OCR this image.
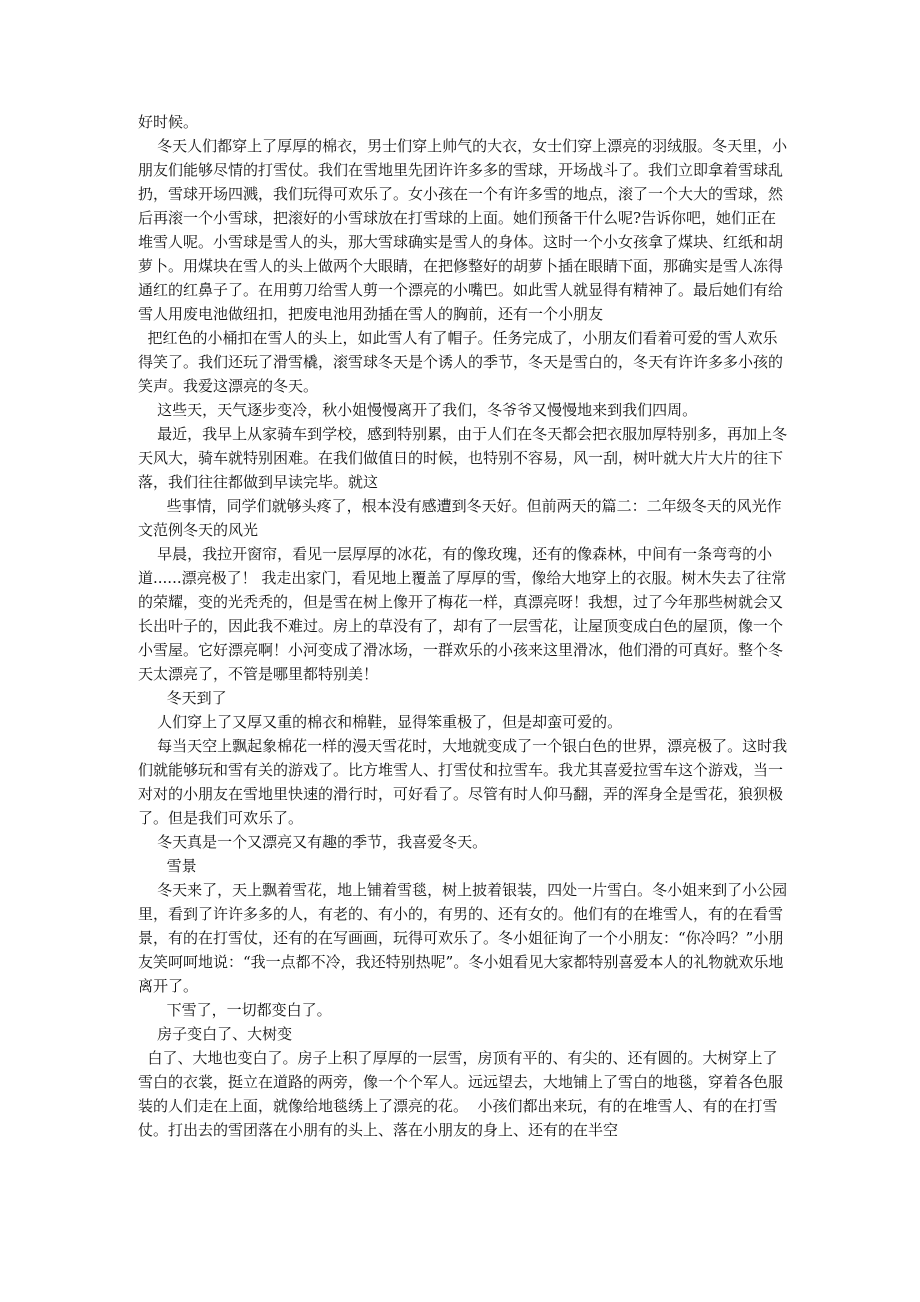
好时候。

冬天人们都穿上了厚厚的棉衣，男士们穿上帅气的大衣，女士们穿上漂亮的羽绒服。冬天里，小朋友们能够尽情的打雪仗。我们在雪地里先团许许多多的雪球，开场战斗了。我们立即拿着雪球乱扔，雪球开场四溅，我们玩得可欢乐了。女小孩在一个有许多雪的地点，滚了一个大大的雪球，然后再滚一个小雪球，把滚好的小雪球放在打雪球的上面。她们预备干什么呢?告诉你吧，她们正在堆雪人呢。小雪球是雪人的头，那大雪球确实是雪人的身体。这时一个小女孩拿了煤块、红纸和胡萝卜。用煤块在雪人的头上做两个大眼睛，在把修整好的胡萝卜插在眼睛下面，那确实是雪人冻得通红的红鼻子了。在用剪刀给雪人剪一个漂亮的小嘴巴。如此雪人就显得有精神了。最后她们有给雪人用废电池做纽扣，把废电池用劲插在雪人的胸前，还有一个小朋友

把红色的小桶扣在雪人的头上，如此雪人有了帽子。任务完成了，小朋友们看着可爱的雪人欢乐得笑了。我们还玩了滑雪橇，滚雪球冬天是个诱人的季节，冬天是雪白的，冬天有许许多多小孩的笑声。我爱这漂亮的冬天。

这些天，天气逐步变冷，秋小姐慢慢离开了我们，冬爷爷又慢慢地来到我们四周。

最近，我早上从家骑车到学校，感到特别累，由于人们在冬天都会把衣服加厚特别多，再加上冬天风大，骑车就特别困难。在我们做值日的时候，也特别不容易，风一刮，树叶就大片大片的往下落，我们往往都做到早读完毕。就这

些事情，同学们就够头疼了，根本没有感遭到冬天好。但前两天的篇二：二年级冬天的风光作文范例冬天的风光

早晨，我拉开窗帘，看见一层厚厚的冰花，有的像玫瑰，还有的像森林，中间有一条弯弯的小道......漂亮极了！ 我走出家门，看见地上覆盖了厚厚的雪，像给大地穿上的衣服。树木失去了往常的荣耀，变的光秃秃的，但是雪在树上像开了梅花一样，真漂亮呀！我想，过了今年那些树就会又长出叶子的，因此我不难过。房上的草没有了，却有了一层雪花，让屋顶变成白色的屋顶，像一个小雪屋。它好漂亮啊！小河变成了滑冰场，一群欢乐的小孩来这里滑冰，他们滑的可真好。整个冬天太漂亮了，不管是哪里都特别美！

冬天到了

人们穿上了又厚又重的棉衣和棉鞋，显得笨重极了，但是却蛮可爱的。

每当天空上飘起象棉花一样的漫天雪花时，大地就变成了一个银白色的世界，漂亮极了。这时我们就能够玩和雪有关的游戏了。比方堆雪人、打雪仗和拉雪车。我尤其喜爱拉雪车这个游戏，当一对对的小朋友在雪地里快速的滑行时，可好看了。尽管有时人仰马翻，弄的浑身全是雪花，狼狈极了。但是我们可欢乐了。

冬天真是一个又漂亮又有趣的季节，我喜爱冬天。

雪景

冬天来了，天上飘着雪花，地上铺着雪毯，树上披着银装，四处一片雪白。冬小姐来到了小公园里，看到了许许多多的人，有老的、有小的，有男的、还有女的。他们有的在堆雪人，有的在看雪景，有的在打雪仗，还有的在写画画，玩得可欢乐了。冬小姐征询了一个小朋友：“你冷吗？”小朋友笑呵呵地说：“我一点都不冷，我还特别热呢”。冬小姐看见大家都特别喜爱本人的礼物就欢乐地离开了。

下雪了，一切都变白了。

房子变白了、大树变

白了、大地也变白了。房子上积了厚厚的一层雪，房顶有平的、有尖的、还有圆的。大树穿上了雪白的衣裳，挺立在道路的两旁，像一个个军人。远远望去，大地铺上了雪白的地毯，穿着各色服装的人们走在上面，就像给地毯绣上了漂亮的花。  小孩们都出来玩，有的在堆雪人、有的在打雪仗。打出去的雪团落在小朋有的头上、落在小朋友的身上、还有的在半空
